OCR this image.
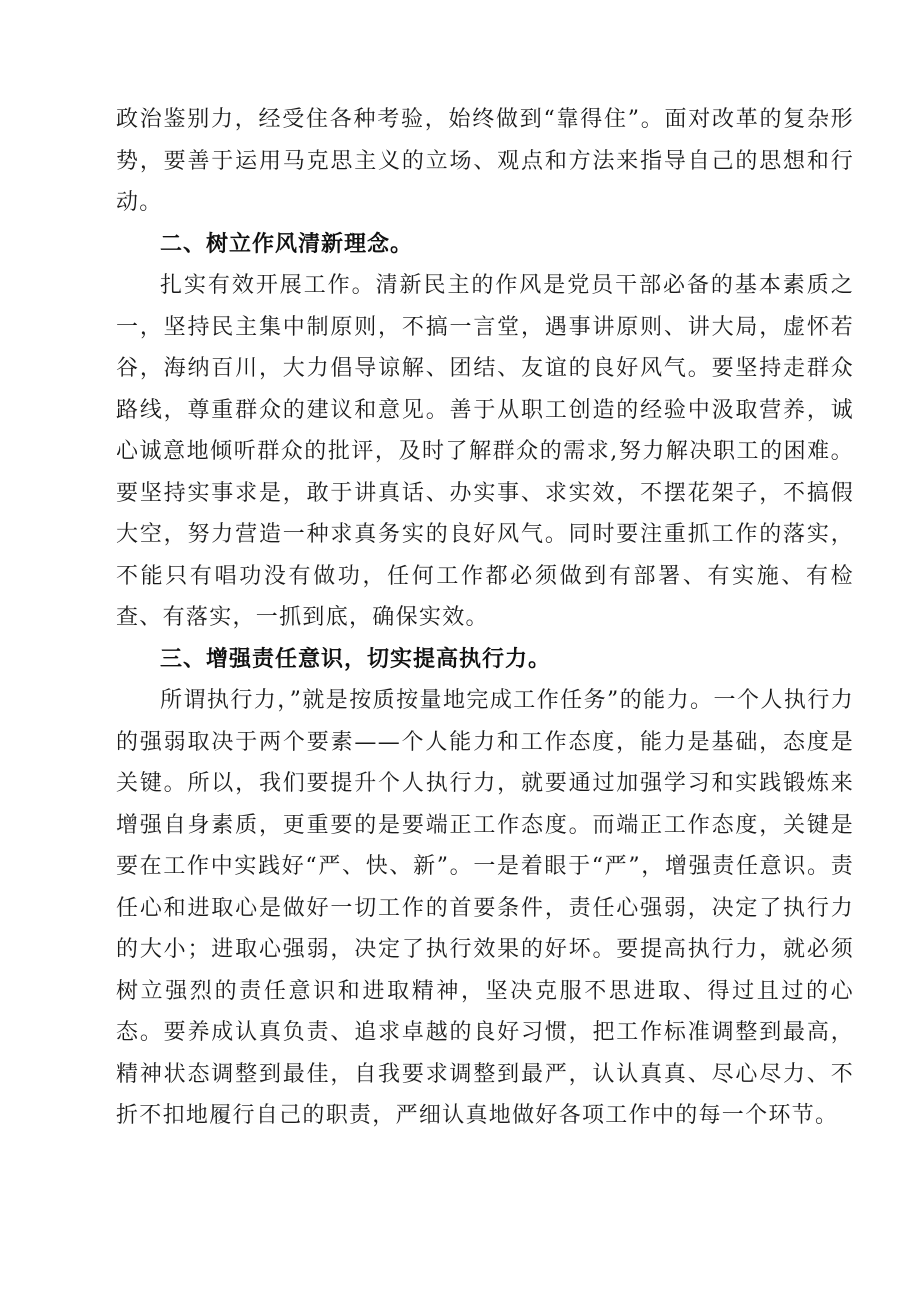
政治鉴别力，经受住各种考验，始终做到“靠得住”。面对改革的复杂形势，要善于运用马克思主义的立场、观点和方法来指导自己的思想和行动。

二、树立作风清新理念。

扎实有效开展工作。清新民主的作风是党员干部必备的基本素质之一，坚持民主集中制原则，不搞一言堂，遇事讲原则、讲大局，虚怀若谷，海纳百川，大力倡导谅解、团结、友谊的良好风气。要坚持走群众路线，尊重群众的建议和意见。善于从职工创造的经验中汲取营养，诚心诚意地倾听群众的批评，及时了解群众的需求,努力解决职工的困难。要坚持实事求是，敢于讲真话、办实事、求实效，不摆花架子，不搞假大空，努力营造一种求真务实的良好风气。同时要注重抓工作的落实，不能只有唱功没有做功，任何工作都必须做到有部署、有实施、有检查、有落实，一抓到底，确保实效。

三、增强责任意识，切实提高执行力。

所谓执行力，”就是按质按量地完成工作任务”的能力。一个人执行力的强弱取决于两个要素——个人能力和工作态度，能力是基础，态度是关键。所以，我们要提升个人执行力，就要通过加强学习和实践锻炼来增强自身素质，更重要的是要端正工作态度。而端正工作态度，关键是要在工作中实践好“严、快、新”。一是着眼于“严”，增强责任意识。责任心和进取心是做好一切工作的首要条件，责任心强弱，决定了执行力的大小；进取心强弱，决定了执行效果的好坏。要提高执行力，就必须树立强烈的责任意识和进取精神，坚决克服不思进取、得过且过的心态。要养成认真负责、追求卓越的良好习惯，把工作标准调整到最高，精神状态调整到最佳，自我要求调整到最严，认认真真、尽心尽力、不折不扣地履行自己的职责，严细认真地做好各项工作中的每一个环节。
